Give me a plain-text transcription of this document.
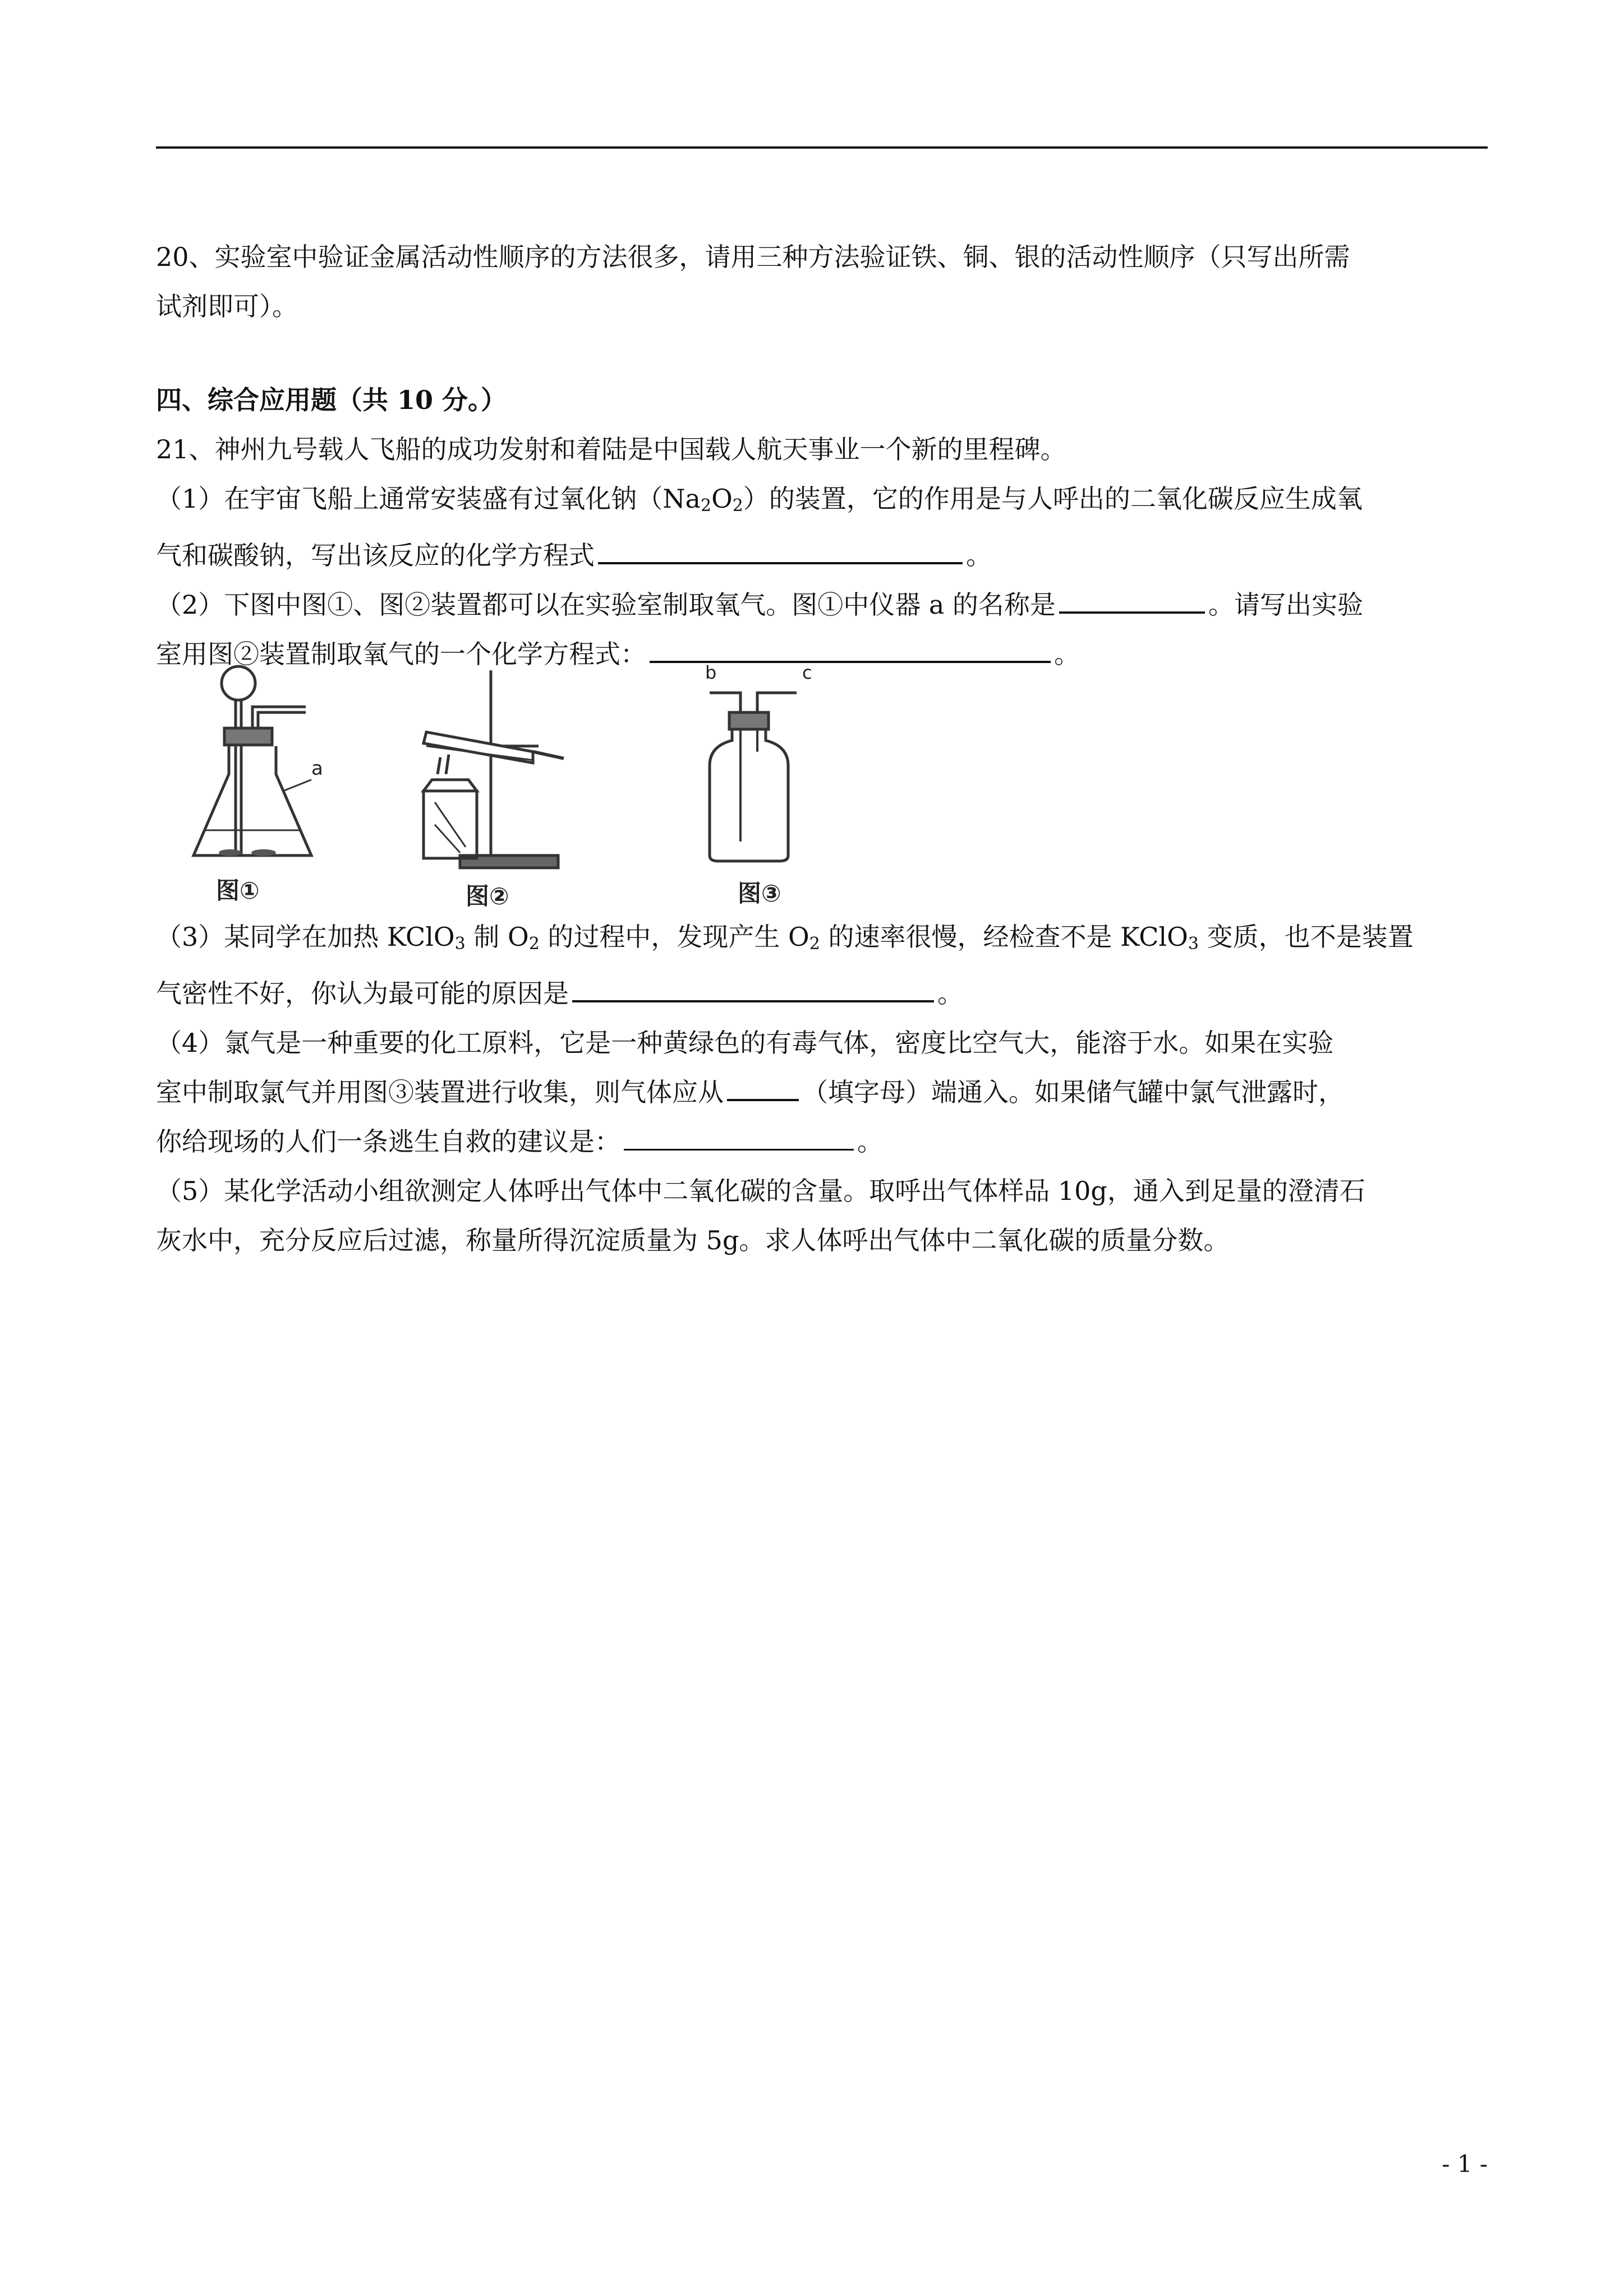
20、实验室中验证金属活动性顺序的方法很多，请用三种方法验证铁、铜、银的活动性顺序（只写出所需
试剂即可）。
四、综合应用题（共 10 分。）
21、神州九号载人飞船的成功发射和着陆是中国载人航天事业一个新的里程碑。
（1）在宇宙飞船上通常安装盛有过氧化钠$(Na_2O_2)$的装置，它的作用是与人呼出的二氧化碳反应生成氧
气和碳酸钠，写出该反应的化学方程式	。
（2）下图中图①、图②装置都可以在实验室制取氧气。图①中仪器 a 的名称是	。请写出实验
室用图②装置制取氧气的一个化学方程式：	。
a
图①	图②
b	c
图③
（3）某同学在加热 KClO$_3$ 制 $O_2$ 的过程中，发现产生 $O_2$ 的速率很慢，经检查不是 KClO$_3$ 变质，也不是装置
气密性不好，你认为最可能的原因是	。
（4）氯气是一种重要的化工原料，它是一种黄绿色的有毒气体，密度比空气大，能溶于水。如果在实验
室中制取氯气并用图③装置进行收集，则气体应从	（填字母）端通入。如果储气罐中氯气泄露时，
你给现场的人们一条逃生自救的建议是：	。
（5）某化学活动小组欲测定人体呼出气体中二氧化碳的含量。取呼出气体样品 10g，通入到足量的澄清石
灰水中，充分反应后过滤，称量所得沉淀质量为 5g。求人体呼出气体中二氧化碳的质量分数。
- 1 -
